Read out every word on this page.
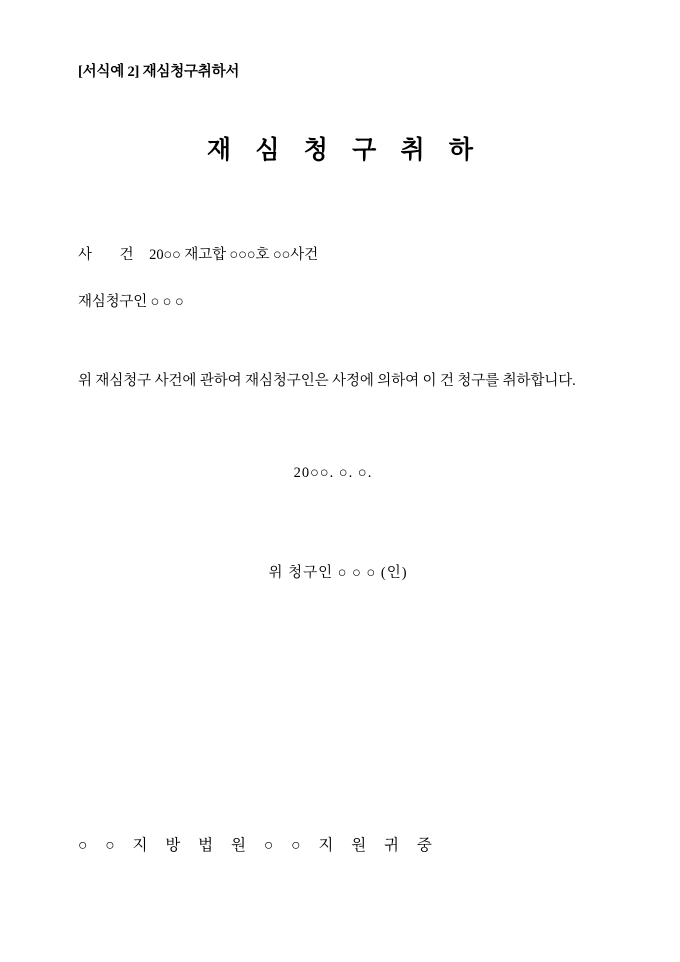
[서식예 2] 재심청구취하서
재 심 청 구 취 하
사 건 20○○ 재고합 ○○○호 ○○사건
재심청구인 ○ ○ ○
위 재심청구 사건에 관하여 재심청구인은 사정에 의하여 이 건 청구를 취하합니다.
20○○. ○. ○.
위 청구인 ○ ○ ○ (인)
○ ○ 지 방 법 원 ○ ○ 지 원 귀 중
